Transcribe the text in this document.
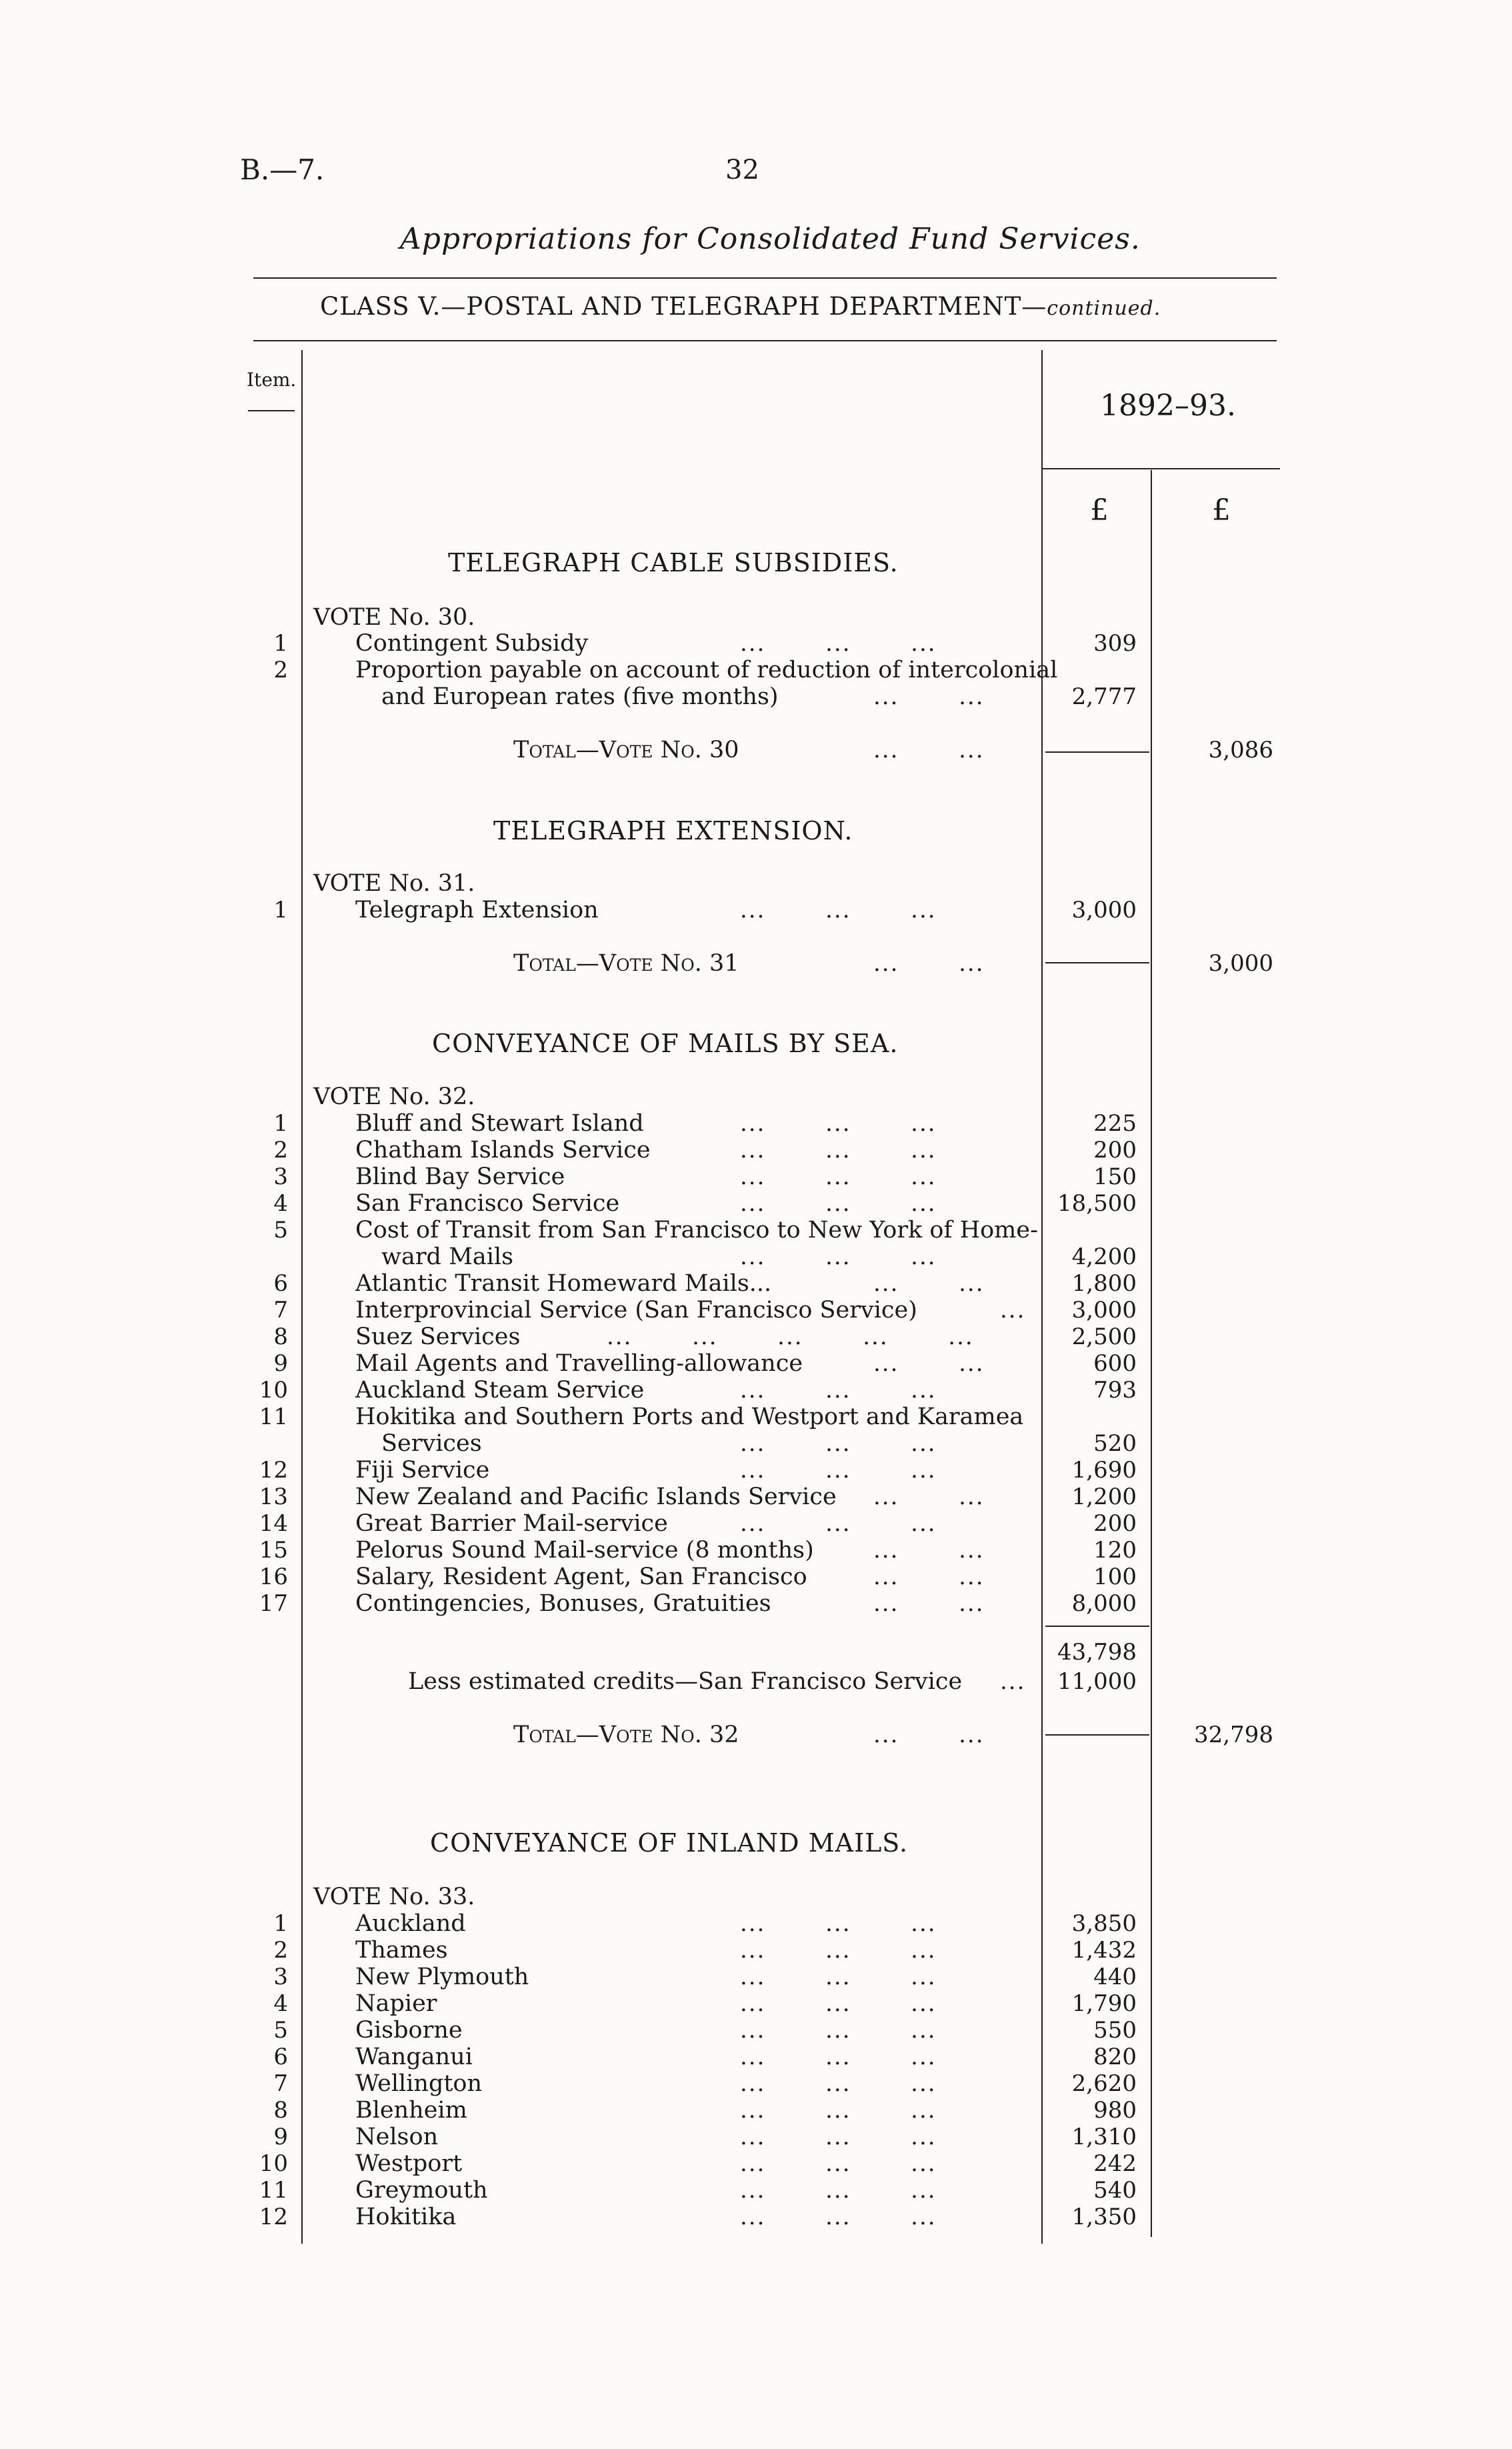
B.—7.	32
Appropriations for Consolidated Fund Services.
CLASS V.—POSTAL AND TELEGRAPH DEPARTMENT—continued.
Item.
1892–93.
£	£
TELEGRAPH CABLE SUBSIDIES.
VOTE No. 30.
1	Contingent Subsidy	...       ...       ...	309
2	Proportion payable on account of reduction of intercolonial
and European rates (five months)	...       ...	2,777
Total—Vote No. 30	...       ...	3,086
TELEGRAPH EXTENSION.
VOTE No. 31.
1	Telegraph Extension	...       ...       ...	3,000
Total—Vote No. 31	...       ...	3,000
CONVEYANCE OF MAILS BY SEA.
VOTE No. 32.
1	Bluff and Stewart Island	...       ...       ...	225
2	Chatham Islands Service	...       ...       ...	200
3	Blind Bay Service	...       ...       ...	150
4	San Francisco Service	...       ...       ...	18,500
5	Cost of Transit from San Francisco to New York of Home-
ward Mails	...       ...       ...	4,200
6	Atlantic Transit Homeward Mails...	...       ...	1,800
7	Interprovincial Service (San Francisco Service)	...	3,000
8	Suez Services	...       ...       ...       ...       ...	2,500
9	Mail Agents and Travelling-allowance	...       ...	600
10	Auckland Steam Service	...       ...       ...	793
11	Hokitika and Southern Ports and Westport and Karamea
Services	...       ...       ...	520
12	Fiji Service	...       ...       ...	1,690
13	New Zealand and Pacific Islands Service ...       ...	1,200
14	Great Barrier Mail-service	...       ...       ...	200
15	Pelorus Sound Mail-service (8 months)	...       ...	120
16	Salary, Resident Agent, San Francisco	...       ...	100
17	Contingencies, Bonuses, Gratuities	...       ...	8,000
43,798
Less estimated credits—San Francisco Service ...	11,000
Total—Vote No. 32	...       ...	32,798
CONVEYANCE OF INLAND MAILS.
VOTE No. 33.
1	Auckland	...       ...       ...	3,850
2	Thames	...       ...       ...	1,432
3	New Plymouth	...       ...       ...	440
4	Napier	...       ...       ...	1,790
5	Gisborne	...       ...       ...	550
6	Wanganui	...       ...       ...	820
7	Wellington	...       ...       ...	2,620
8	Blenheim	...       ...       ...	980
9	Nelson	...       ...       ...	1,310
10	Westport	...       ...       ...	242
11	Greymouth	...       ...       ...	540
12	Hokitika	...       ...       ...	1,350
